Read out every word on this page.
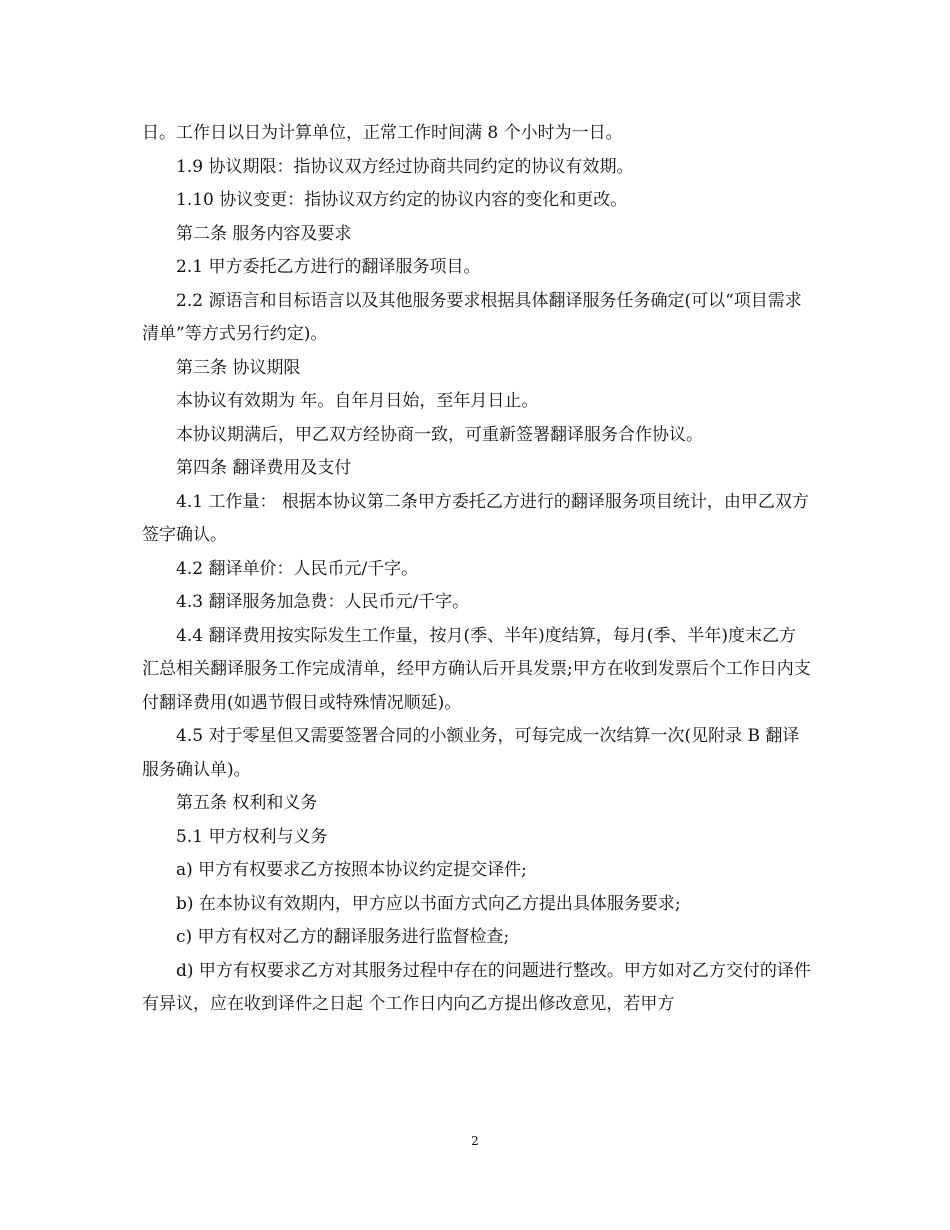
日。工作日以日为计算单位，正常工作时间满 8 个小时为一日。

1.9 协议期限：指协议双方经过协商共同约定的协议有效期。

1.10 协议变更：指协议双方约定的协议内容的变化和更改。

第二条 服务内容及要求

2.1 甲方委托乙方进行的翻译服务项目。

2.2 源语言和目标语言以及其他服务要求根据具体翻译服务任务确定(可以“项目需求清单”等方式另行约定)。

第三条 协议期限

本协议有效期为 年。自年月日始，至年月日止。

本协议期满后，甲乙双方经协商一致，可重新签署翻译服务合作协议。

第四条 翻译费用及支付

4.1 工作量： 根据本协议第二条甲方委托乙方进行的翻译服务项目统计，由甲乙双方签字确认。

4.2 翻译单价：人民币元/千字。

4.3 翻译服务加急费：人民币元/千字。

4.4 翻译费用按实际发生工作量，按月(季、半年)度结算，每月(季、半年)度末乙方汇总相关翻译服务工作完成清单，经甲方确认后开具发票;甲方在收到发票后个工作日内支付翻译费用(如遇节假日或特殊情况顺延)。

4.5 对于零星但又需要签署合同的小额业务，可每完成一次结算一次(见附录 B 翻译服务确认单)。

第五条 权利和义务

5.1 甲方权利与义务

a) 甲方有权要求乙方按照本协议约定提交译件;

b) 在本协议有效期内，甲方应以书面方式向乙方提出具体服务要求;

c) 甲方有权对乙方的翻译服务进行监督检查;

d) 甲方有权要求乙方对其服务过程中存在的问题进行整改。甲方如对乙方交付的译件有异议，应在收到译件之日起 个工作日内向乙方提出修改意见，若甲方

2
